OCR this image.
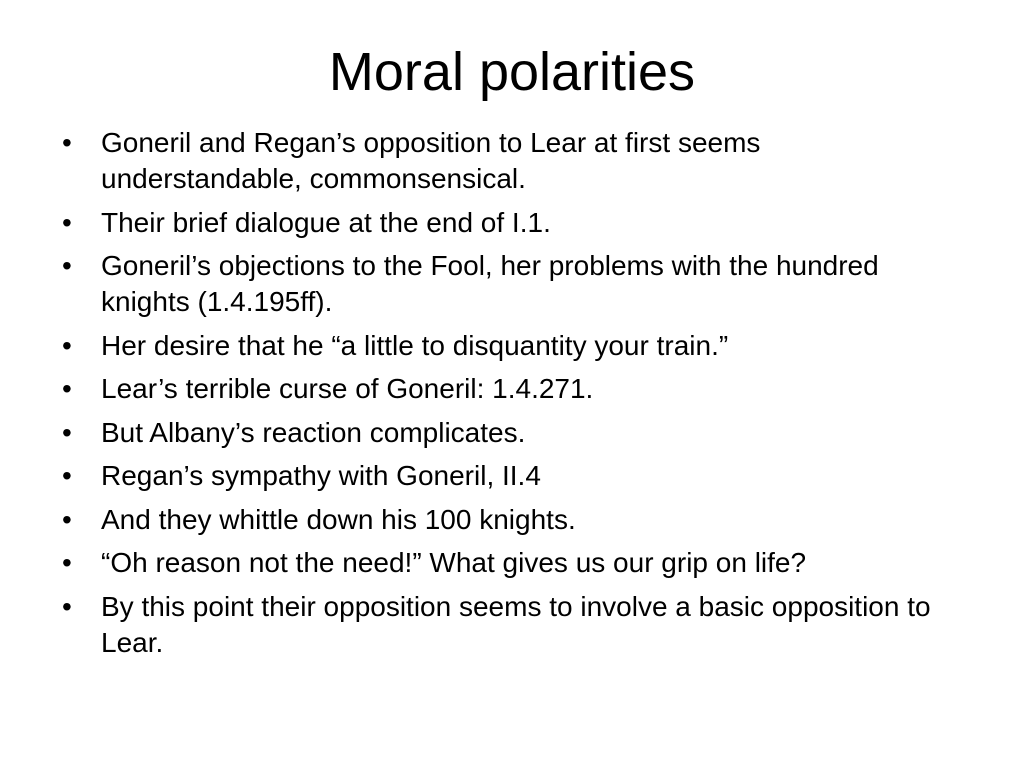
Moral polarities
•	Goneril and Regan’s opposition to Lear at first seems understandable, commonsensical.
•	Their brief dialogue at the end of I.1.
•	Goneril’s objections to the Fool, her problems with the hundred knights (1.4.195ff).
•	Her desire that he “a little to disquantity your train.”
•	Lear’s terrible curse of Goneril: 1.4.271.
•	But Albany’s reaction complicates.
•	Regan’s sympathy with Goneril, II.4
•	And they whittle down his 100 knights.
•	“Oh reason not the need!” What gives us our grip on life?
•	By this point their opposition seems to involve a basic opposition to Lear.
